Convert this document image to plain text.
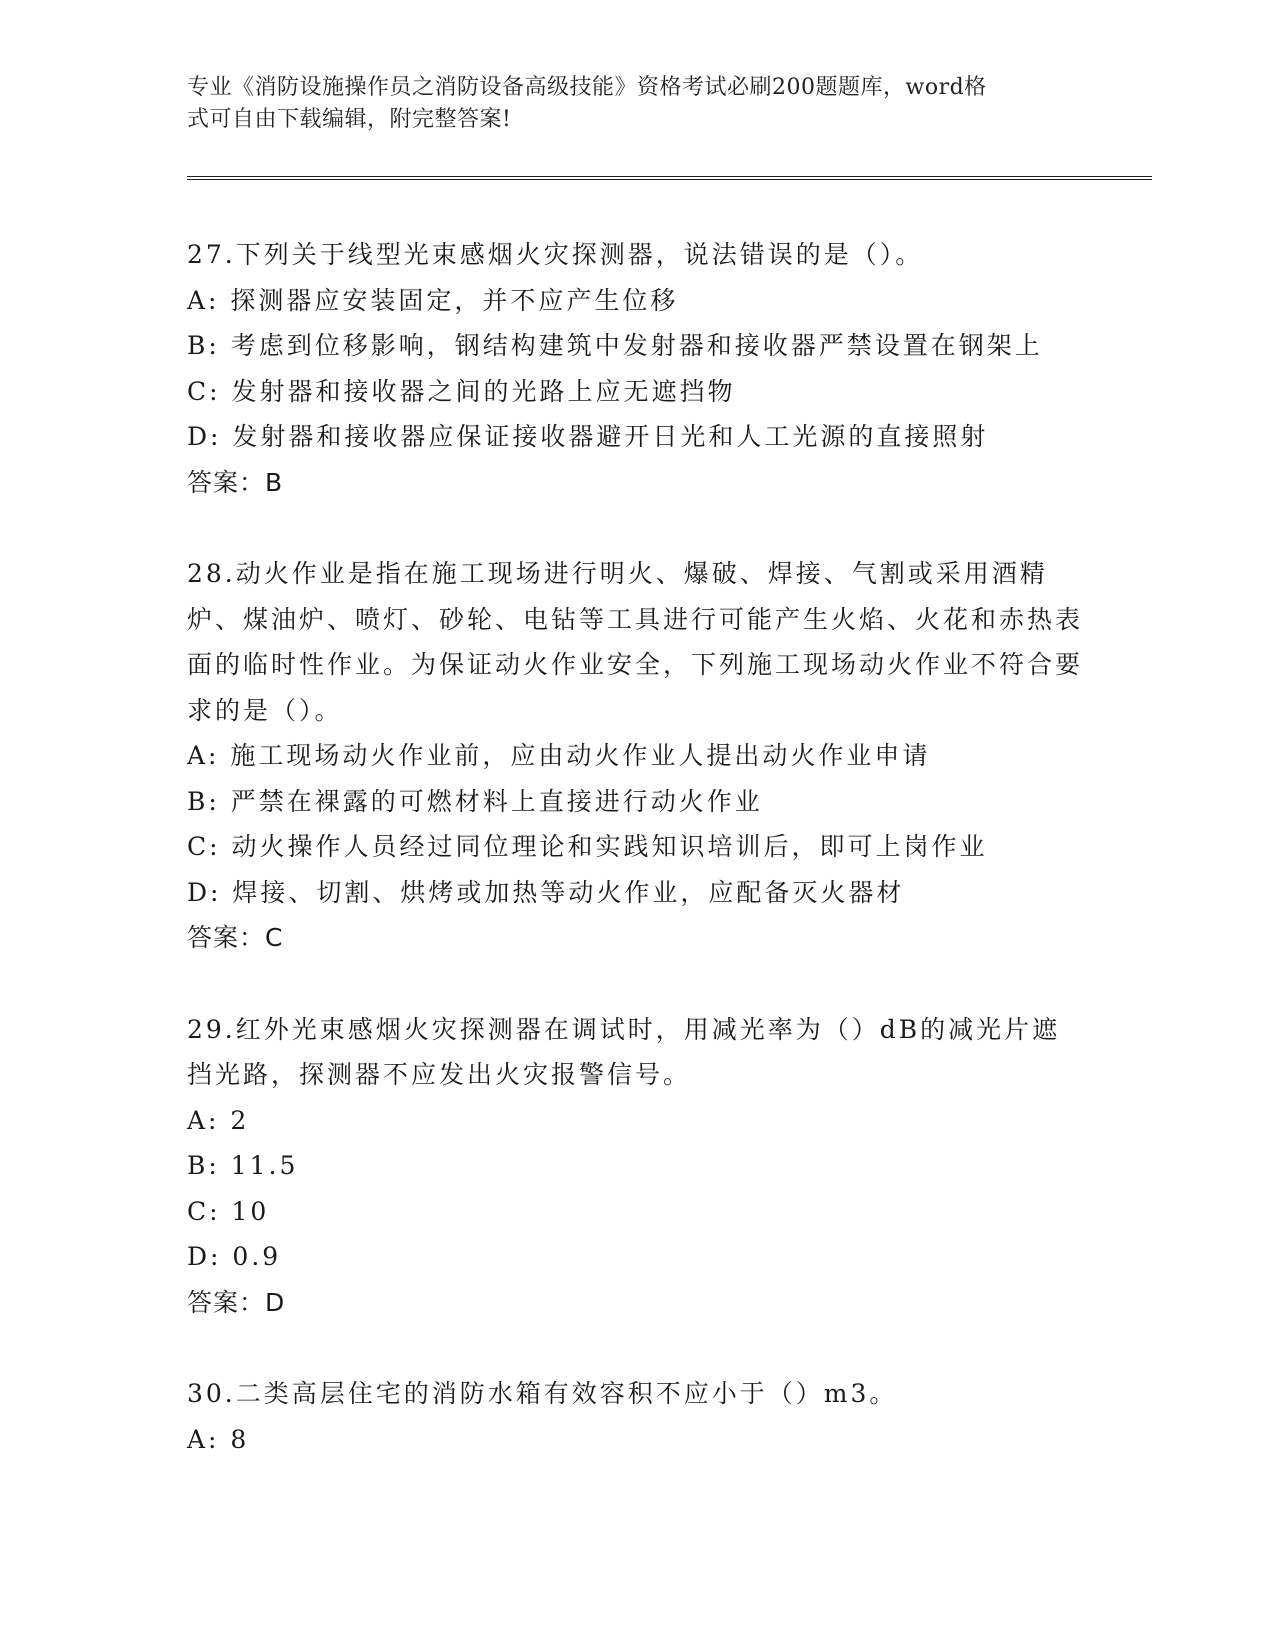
专业《消防设施操作员之消防设备高级技能》资格考试必刷200题题库，word格
式可自由下载编辑，附完整答案!

27.下列关于线型光束感烟火灾探测器，说法错误的是（）。

A: 探测器应安装固定，并不应产生位移

B: 考虑到位移影响，钢结构建筑中发射器和接收器严禁设置在钢架上

C: 发射器和接收器之间的光路上应无遮挡物

D: 发射器和接收器应保证接收器避开日光和人工光源的直接照射

答案：B

28.动火作业是指在施工现场进行明火、爆破、焊接、气割或采用酒精炉、煤油炉、喷灯、砂轮、电钻等工具进行可能产生火焰、火花和赤热表面的临时性作业。为保证动火作业安全，下列施工现场动火作业不符合要求的是（）。

A: 施工现场动火作业前，应由动火作业人提出动火作业申请

B: 严禁在裸露的可燃材料上直接进行动火作业

C: 动火操作人员经过同位理论和实践知识培训后，即可上岗作业

D: 焊接、切割、烘烤或加热等动火作业，应配备灭火器材

答案：C

29.红外光束感烟火灾探测器在调试时，用减光率为（）dB的减光片遮挡光路，探测器不应发出火灾报警信号。

A: 2

B: 11.5

C: 10

D: 0.9

答案：D

30.二类高层住宅的消防水箱有效容积不应小于（）m3。

A: 8
